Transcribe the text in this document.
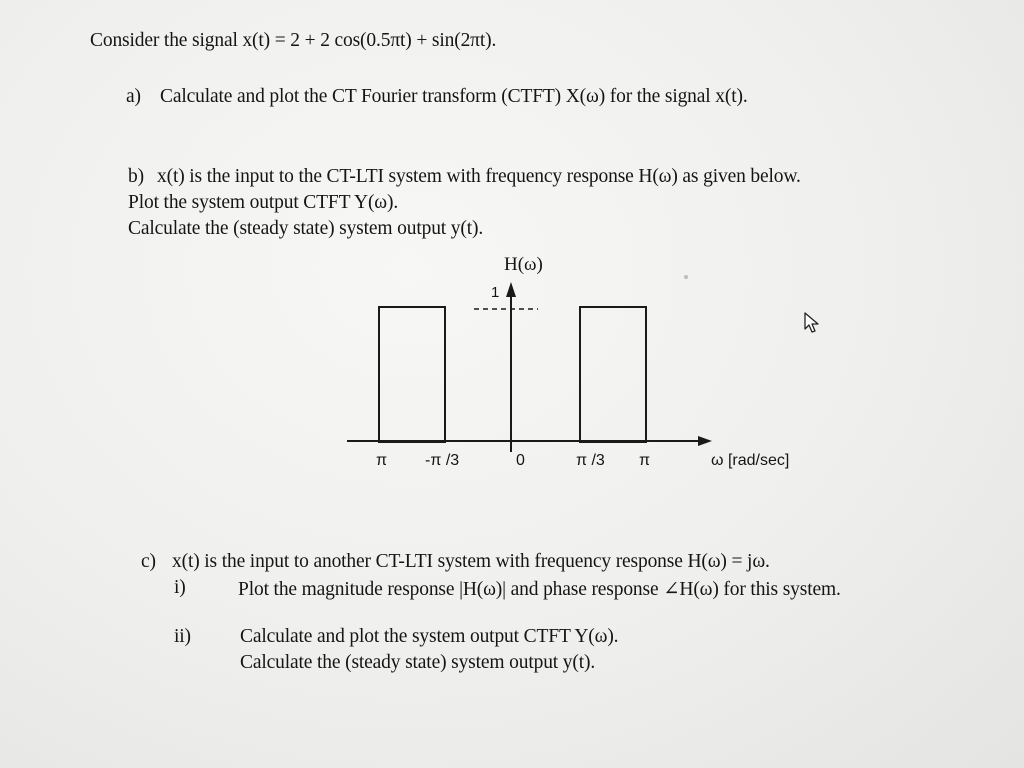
Consider the signal x(t) = 2 + 2 cos(0.5πt) + sin(2πt).
a) Calculate and plot the CT Fourier transform (CTFT) X(ω) for the signal x(t).
b) x(t) is the input to the CT-LTI system with frequency response H(ω) as given below.
Plot the system output CTFT Y(ω).
Calculate the (steady state) system output y(t).
H(ω)
1
π -π /3	0	π /3 π	ω [rad/sec]
c) x(t) is the input to another CT-LTI system with frequency response H(ω) = jω.
i)	Plot the magnitude response |H(ω)| and phase response ∠H(ω) for this system.
ii)	Calculate and plot the system output CTFT Y(ω).
Calculate the (steady state) system output y(t).
